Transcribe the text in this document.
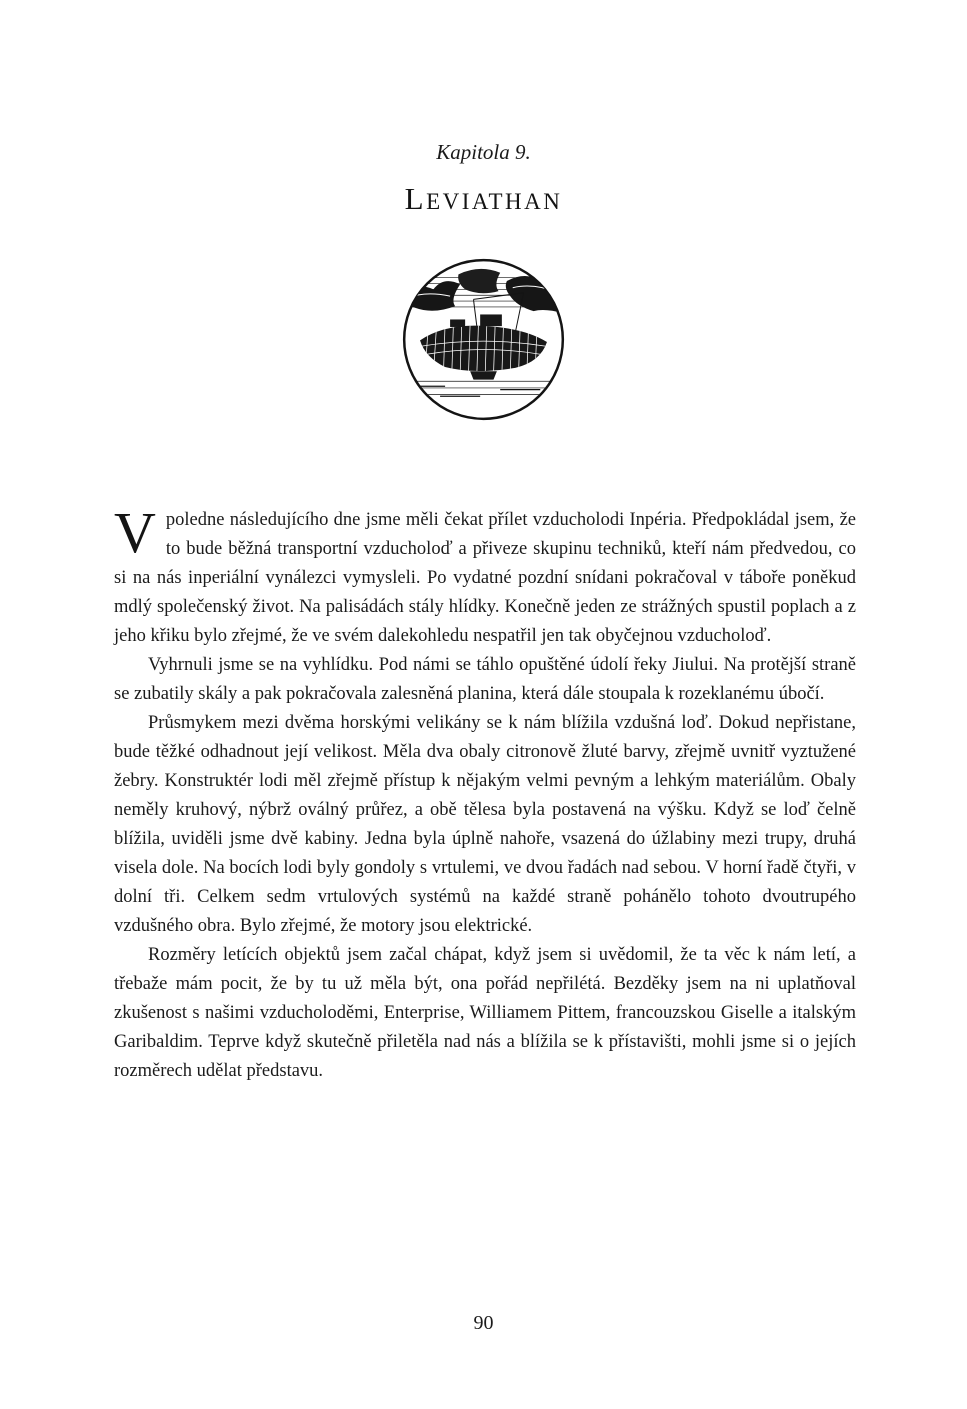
Kapitola 9.
LEVIATHAN

Vpoledne následujícího dne jsme měli čekat přílet vzducholodi Inpéria. Předpokládal jsem, že to bude běžná transportní vzducholoď a přiveze skupinu techniků, kteří nám předvedou, co si na nás inperiální vynálezci vymysleli. Po vydatné pozdní snídani pokračoval v táboře poněkud mdlý společenský život. Na palisádách stály hlídky. Konečně jeden ze strážných spustil poplach a z jeho křiku bylo zřejmé, že ve svém dalekohledu nespatřil jen tak obyčejnou vzducholoď.

Vyhrnuli jsme se na vyhlídku. Pod námi se táhlo opuštěné údolí řeky Jiului. Na protější straně se zubatily skály a pak pokračovala zalesněná planina, která dále stoupala k rozeklanému úbočí.

Průsmykem mezi dvěma horskými velikány se k nám blížila vzdušná loď. Dokud nepřistane, bude těžké odhadnout její velikost. Měla dva obaly citronově žluté barvy, zřejmě uvnitř vyztužené žebry. Konstruktér lodi měl zřejmě přístup k nějakým velmi pevným a lehkým materiálům. Obaly neměly kruhový, nýbrž oválný průřez, a obě tělesa byla postavená na výšku. Když se loď čelně blížila, uviděli jsme dvě kabiny. Jedna byla úplně nahoře, vsazená do úžlabiny mezi trupy, druhá visela dole. Na bocích lodi byly gondoly s vrtulemi, ve dvou řadách nad sebou. V horní řadě čtyři, v dolní tři. Celkem sedm vrtulových systémů na každé straně pohánělo tohoto dvoutrupého vzdušného obra. Bylo zřejmé, že motory jsou elektrické.

Rozměry letících objektů jsem začal chápat, když jsem si uvědomil, že ta věc k nám letí, a třebaže mám pocit, že by tu už měla být, ona pořád nepřilétá. Bezděky jsem na ni uplatňoval zkušenost s našimi vzducholoděmi, Enterprise, Williamem Pittem, francouzskou Giselle a italským Garibaldim. Teprve když skutečně přiletěla nad nás a blížila se k přístavišti, mohli jsme si o jejích rozměrech udělat představu.

90
